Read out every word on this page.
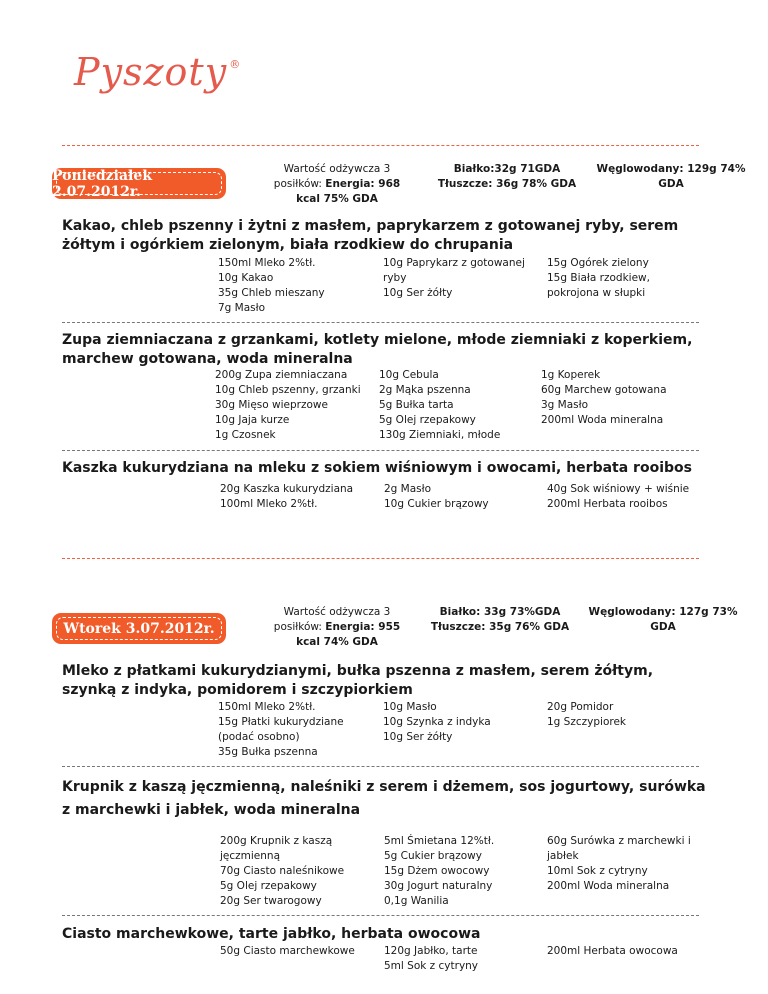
Pyszoty ®
Poniedziałek 2.07.2012r.
Wartość odżywcza 3 posiłków: Energia: 968 kcal 75% GDA
Białko:32g 71GDA
Tłuszcze: 36g 78% GDA
Węglowodany: 129g 74% GDA
Kakao, chleb pszenny i żytni z masłem, paprykarzem z gotowanej ryby, serem żółtym i ogórkiem zielonym, biała rzodkiew do chrupania
150ml Mleko 2%tł.
10g Kakao
35g Chleb mieszany
7g Masło
10g Paprykarz z gotowanej
ryby
10g Ser żółty
15g Ogórek zielony
15g Biała rzodkiew,
pokrojona w słupki
Zupa ziemniaczana z grzankami, kotlety mielone, młode ziemniaki z koperkiem, marchew gotowana, woda mineralna
200g Zupa ziemniaczana
10g Chleb pszenny, grzanki
30g Mięso wieprzowe
10g Jaja kurze
1g Czosnek
10g Cebula
2g Mąka pszenna
5g Bułka tarta
5g Olej rzepakowy
130g Ziemniaki, młode
1g Koperek
60g Marchew gotowana
3g Masło
200ml Woda mineralna
Kaszka kukurydziana na mleku z sokiem wiśniowym i owocami, herbata rooibos
20g Kaszka kukurydziana
100ml Mleko 2%tł.
2g Masło
10g Cukier brązowy
40g Sok wiśniowy + wiśnie
200ml Herbata rooibos
Wtorek 3.07.2012r.
Wartość odżywcza 3 posiłków: Energia: 955 kcal 74% GDA
Białko: 33g 73%GDA
Tłuszcze: 35g 76% GDA
Węglowodany: 127g 73% GDA
Mleko z płatkami kukurydzianymi, bułka pszenna z masłem, serem żółtym, szynką z indyka, pomidorem i szczypiorkiem
150ml Mleko 2%tł.
15g Płatki kukurydziane
(podać osobno)
35g Bułka pszenna
10g Masło
10g Szynka z indyka
10g Ser żółty
20g Pomidor
1g Szczypiorek
Krupnik z kaszą jęczmienną, naleśniki z serem i dżemem, sos jogurtowy, surówka z marchewki i jabłek, woda mineralna
200g Krupnik z kaszą
jęczmienną
70g Ciasto naleśnikowe
5g Olej rzepakowy
20g Ser twarogowy
5ml Śmietana 12%tł.
5g Cukier brązowy
15g Dżem owocowy
30g Jogurt naturalny
0,1g Wanilia
60g Surówka z marchewki i
jabłek
10ml Sok z cytryny
200ml Woda mineralna
Ciasto marchewkowe, tarte jabłko, herbata owocowa
50g Ciasto marchewkowe	120g Jabłko, tarte
5ml Sok z cytryny
200ml Herbata owocowa
